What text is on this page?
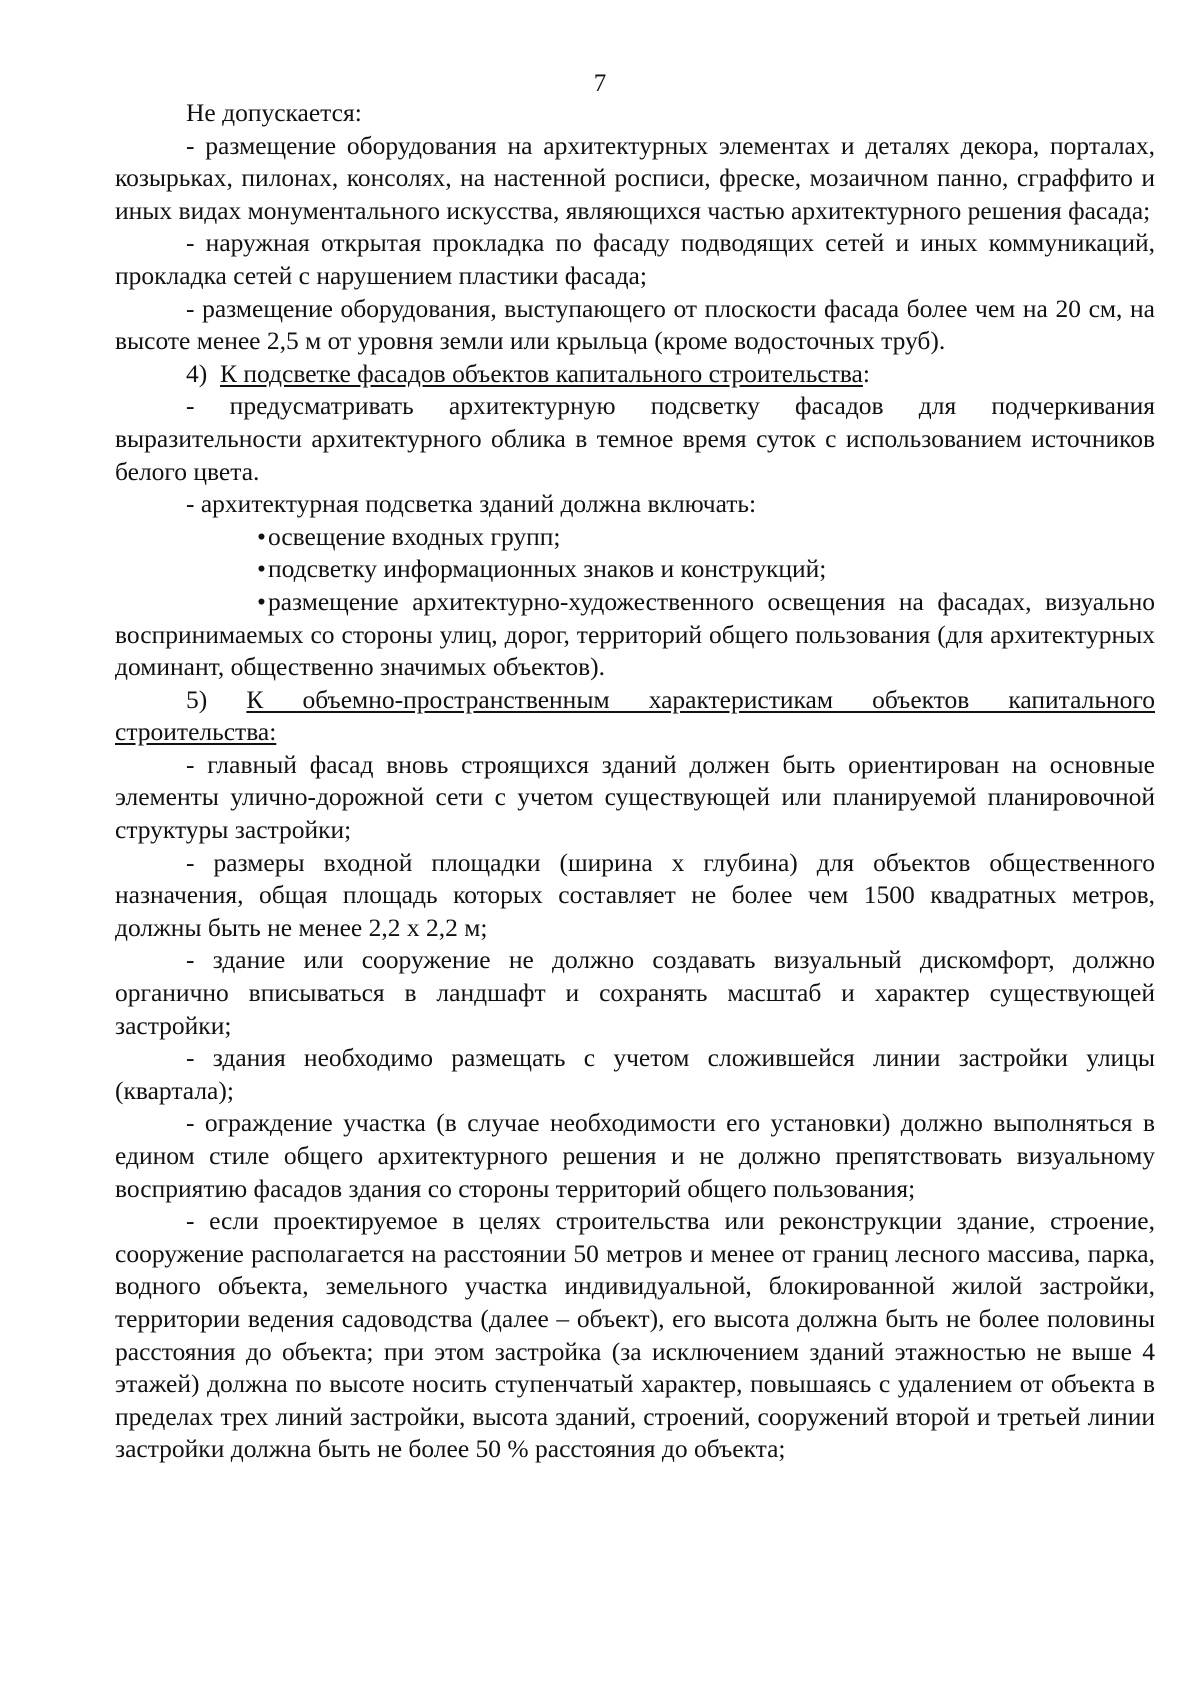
7

Не допускается:

- размещение оборудования на архитектурных элементах и деталях декора, порталах, козырьках, пилонах, консолях, на настенной росписи, фреске, мозаичном панно, сграффито и иных видах монументального искусства, являющихся частью архитектурного решения фасада;

- наружная открытая прокладка по фасаду подводящих сетей и иных коммуникаций, прокладка сетей с нарушением пластики фасада;

- размещение оборудования, выступающего от плоскости фасада более чем на 20 см, на высоте менее 2,5 м от уровня земли или крыльца (кроме водосточных труб).

4) К подсветке фасадов объектов капитального строительства:

- предусматривать архитектурную подсветку фасадов для подчеркивания выразительности архитектурного облика в темное время суток с использованием источников белого цвета.

- архитектурная подсветка зданий должна включать:

•освещение входных групп;

•подсветку информационных знаков и конструкций;

•размещение архитектурно-художественного освещения на фасадах, визуально воспринимаемых со стороны улиц, дорог, территорий общего пользования (для архитектурных доминант, общественно значимых объектов).

5) К объемно-пространственным характеристикам объектов капитального

строительства:

- главный фасад вновь строящихся зданий должен быть ориентирован на основные элементы улично-дорожной сети с учетом существующей или планируемой планировочной структуры застройки;

- размеры входной площадки (ширина х глубина) для объектов общественного назначения, общая площадь которых составляет не более чем 1500 квадратных метров, должны быть не менее 2,2 х 2,2 м;

- здание или сооружение не должно создавать визуальный дискомфорт, должно органично вписываться в ландшафт и сохранять масштаб и характер существующей застройки;

- здания необходимо размещать с учетом сложившейся линии застройки улицы (квартала);

- ограждение участка (в случае необходимости его установки) должно выполняться в едином стиле общего архитектурного решения и не должно препятствовать визуальному восприятию фасадов здания со стороны территорий общего пользования;

- если проектируемое в целях строительства или реконструкции здание, строение, сооружение располагается на расстоянии 50 метров и менее от границ лесного массива, парка, водного объекта, земельного участка индивидуальной, блокированной жилой застройки, территории ведения садоводства (далее – объект), его высота должна быть не более половины расстояния до объекта; при этом застройка (за исключением зданий этажностью не выше 4 этажей) должна по высоте носить ступенчатый характер, повышаясь с удалением от объекта в пределах трех линий застройки, высота зданий, строений, сооружений второй и третьей линии застройки должна быть не более 50 % расстояния до объекта;
